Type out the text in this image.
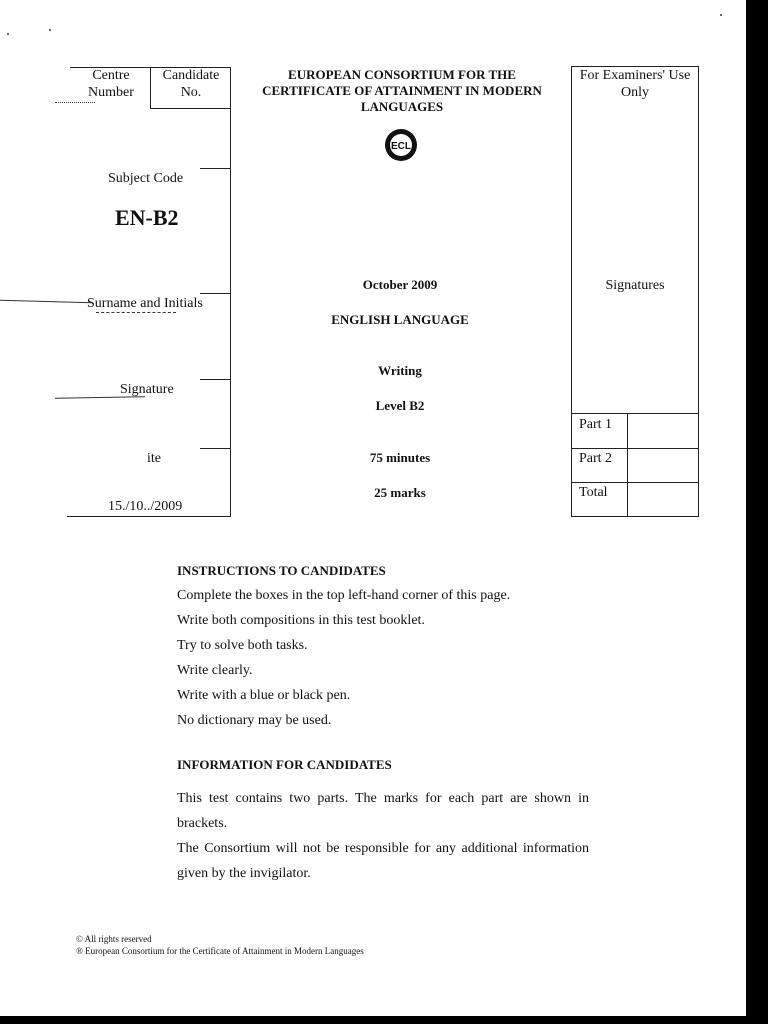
Centre Number
Candidate No.
Subject Code
EN-B2
Surname and Initials
Signature
ite
15./10../2009
EUROPEAN CONSORTIUM FOR THE CERTIFICATE OF ATTAINMENT IN MODERN LANGUAGES
ECL
October 2009
ENGLISH LANGUAGE
Writing
Level B2
75 minutes
25 marks
For Examiners' Use Only
Signatures
Part 1
Part 2
Total
INSTRUCTIONS TO CANDIDATES
Complete the boxes in the top left-hand corner of this page.
Write both compositions in this test booklet.
Try to solve both tasks.
Write clearly.
Write with a blue or black pen.
No dictionary may be used.
INFORMATION FOR CANDIDATES
This test contains two parts. The marks for each part are shown in brackets.
The Consortium will not be responsible for any additional information given by the invigilator.
© All rights reserved
® European Consortium for the Certificate of Attainment in Modern Languages
